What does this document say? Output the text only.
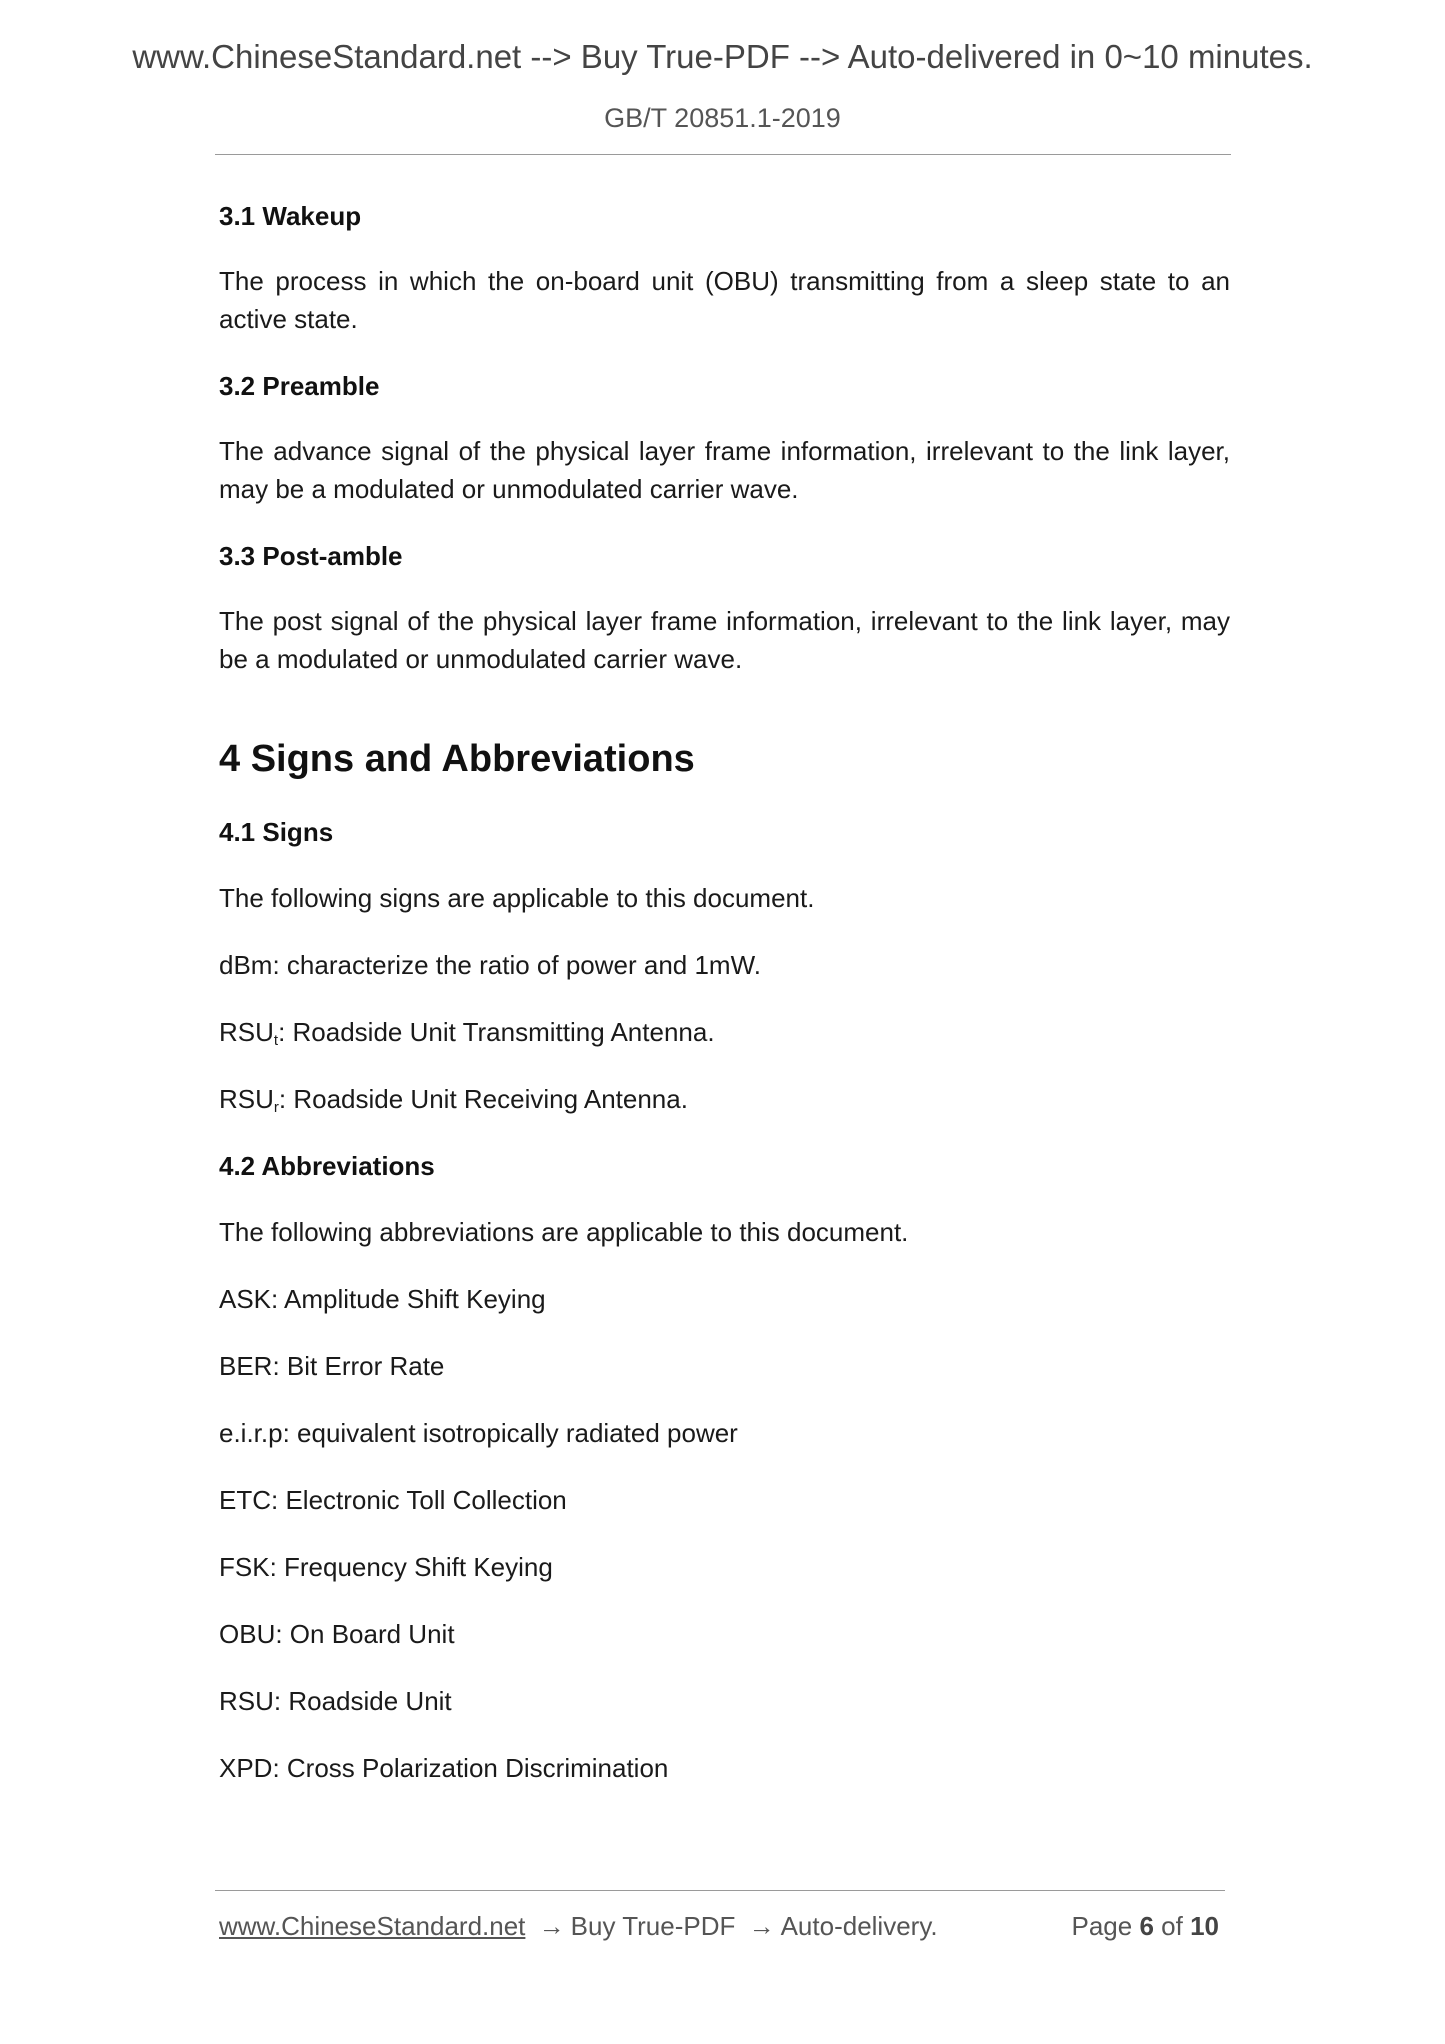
www.ChineseStandard.net --> Buy True-PDF --> Auto-delivered in 0~10 minutes.
GB/T 20851.1-2019
3.1 Wakeup
The process in which the on-board unit (OBU) transmitting from a sleep state to an active state.
3.2 Preamble
The advance signal of the physical layer frame information, irrelevant to the link layer, may be a modulated or unmodulated carrier wave.
3.3 Post-amble
The post signal of the physical layer frame information, irrelevant to the link layer, may be a modulated or unmodulated carrier wave.
4 Signs and Abbreviations
4.1 Signs
The following signs are applicable to this document.
dBm: characterize the ratio of power and 1mW.
$RSU_t$: Roadside Unit Transmitting Antenna.
$RSU_r$: Roadside Unit Receiving Antenna.
4.2 Abbreviations
The following abbreviations are applicable to this document.
ASK: Amplitude Shift Keying
BER: Bit Error Rate
e.i.r.p: equivalent isotropically radiated power
ETC: Electronic Toll Collection
FSK: Frequency Shift Keying
OBU: On Board Unit
RSU: Roadside Unit
XPD: Cross Polarization Discrimination
www.ChineseStandard.net → Buy True-PDF → Auto-delivery.	Page 6 of 10
